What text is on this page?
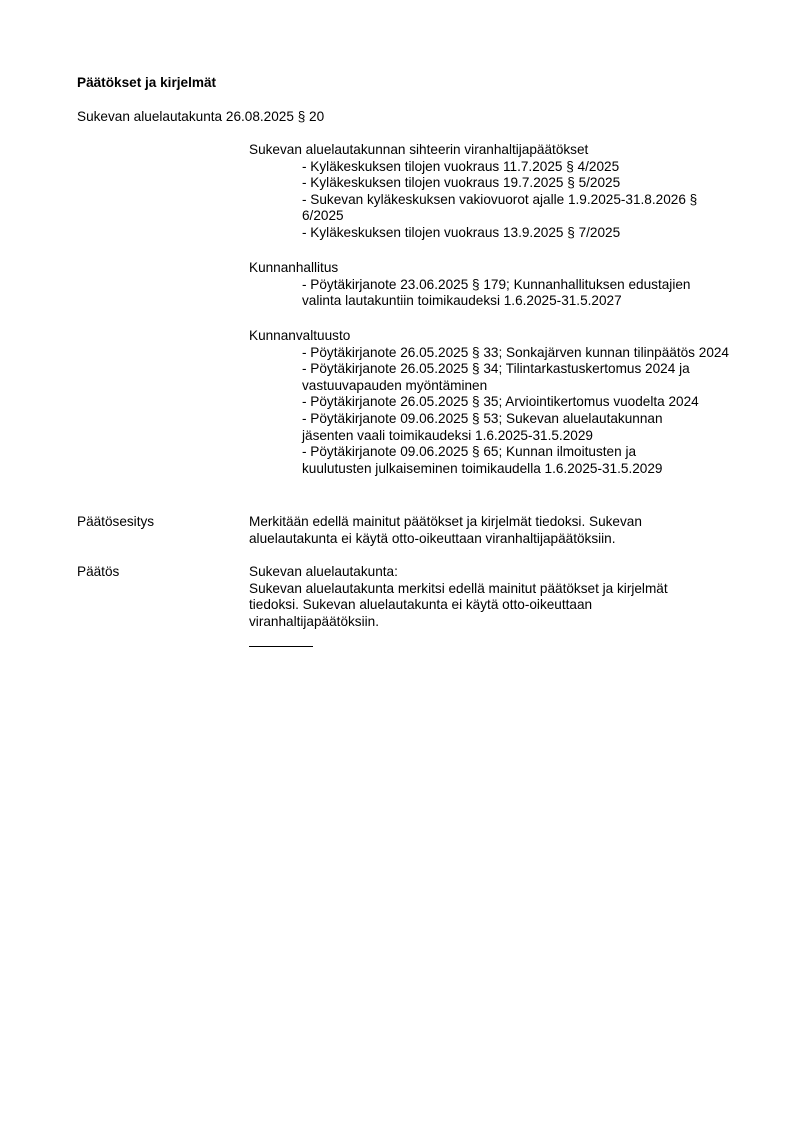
Päätökset ja kirjelmät
Sukevan aluelautakunta 26.08.2025 § 20
Sukevan aluelautakunnan sihteerin viranhaltijapäätökset
- Kyläkeskuksen tilojen vuokraus 11.7.2025 § 4/2025
- Kyläkeskuksen tilojen vuokraus 19.7.2025 § 5/2025
- Sukevan kyläkeskuksen vakiovuorot ajalle 1.9.2025-31.8.2026 § 6/2025
- Kyläkeskuksen tilojen vuokraus 13.9.2025 § 7/2025
Kunnanhallitus
- Pöytäkirjanote 23.06.2025 § 179; Kunnanhallituksen edustajien valinta lautakuntiin toimikaudeksi 1.6.2025-31.5.2027
Kunnanvaltuusto
- Pöytäkirjanote 26.05.2025 § 33; Sonkajärven kunnan tilinpäätös 2024
- Pöytäkirjanote 26.05.2025 § 34; Tilintarkastuskertomus 2024 ja vastuuvapauden myöntäminen
- Pöytäkirjanote 26.05.2025 § 35; Arviointikertomus vuodelta 2024
- Pöytäkirjanote 09.06.2025 § 53; Sukevan aluelautakunnan jäsenten vaali toimikaudeksi 1.6.2025-31.5.2029
- Pöytäkirjanote 09.06.2025 § 65; Kunnan ilmoitusten ja kuulutusten julkaiseminen toimikaudella 1.6.2025-31.5.2029
Päätösesitys	Merkitään edellä mainitut päätökset ja kirjelmät tiedoksi. Sukevan aluelautakunta ei käytä otto-oikeuttaan viranhaltijapäätöksiin.
Päätös	Sukevan aluelautakunta:
Sukevan aluelautakunta merkitsi edellä mainitut päätökset ja kirjelmät tiedoksi. Sukevan aluelautakunta ei käytä otto-oikeuttaan viranhaltijapäätöksiin.
